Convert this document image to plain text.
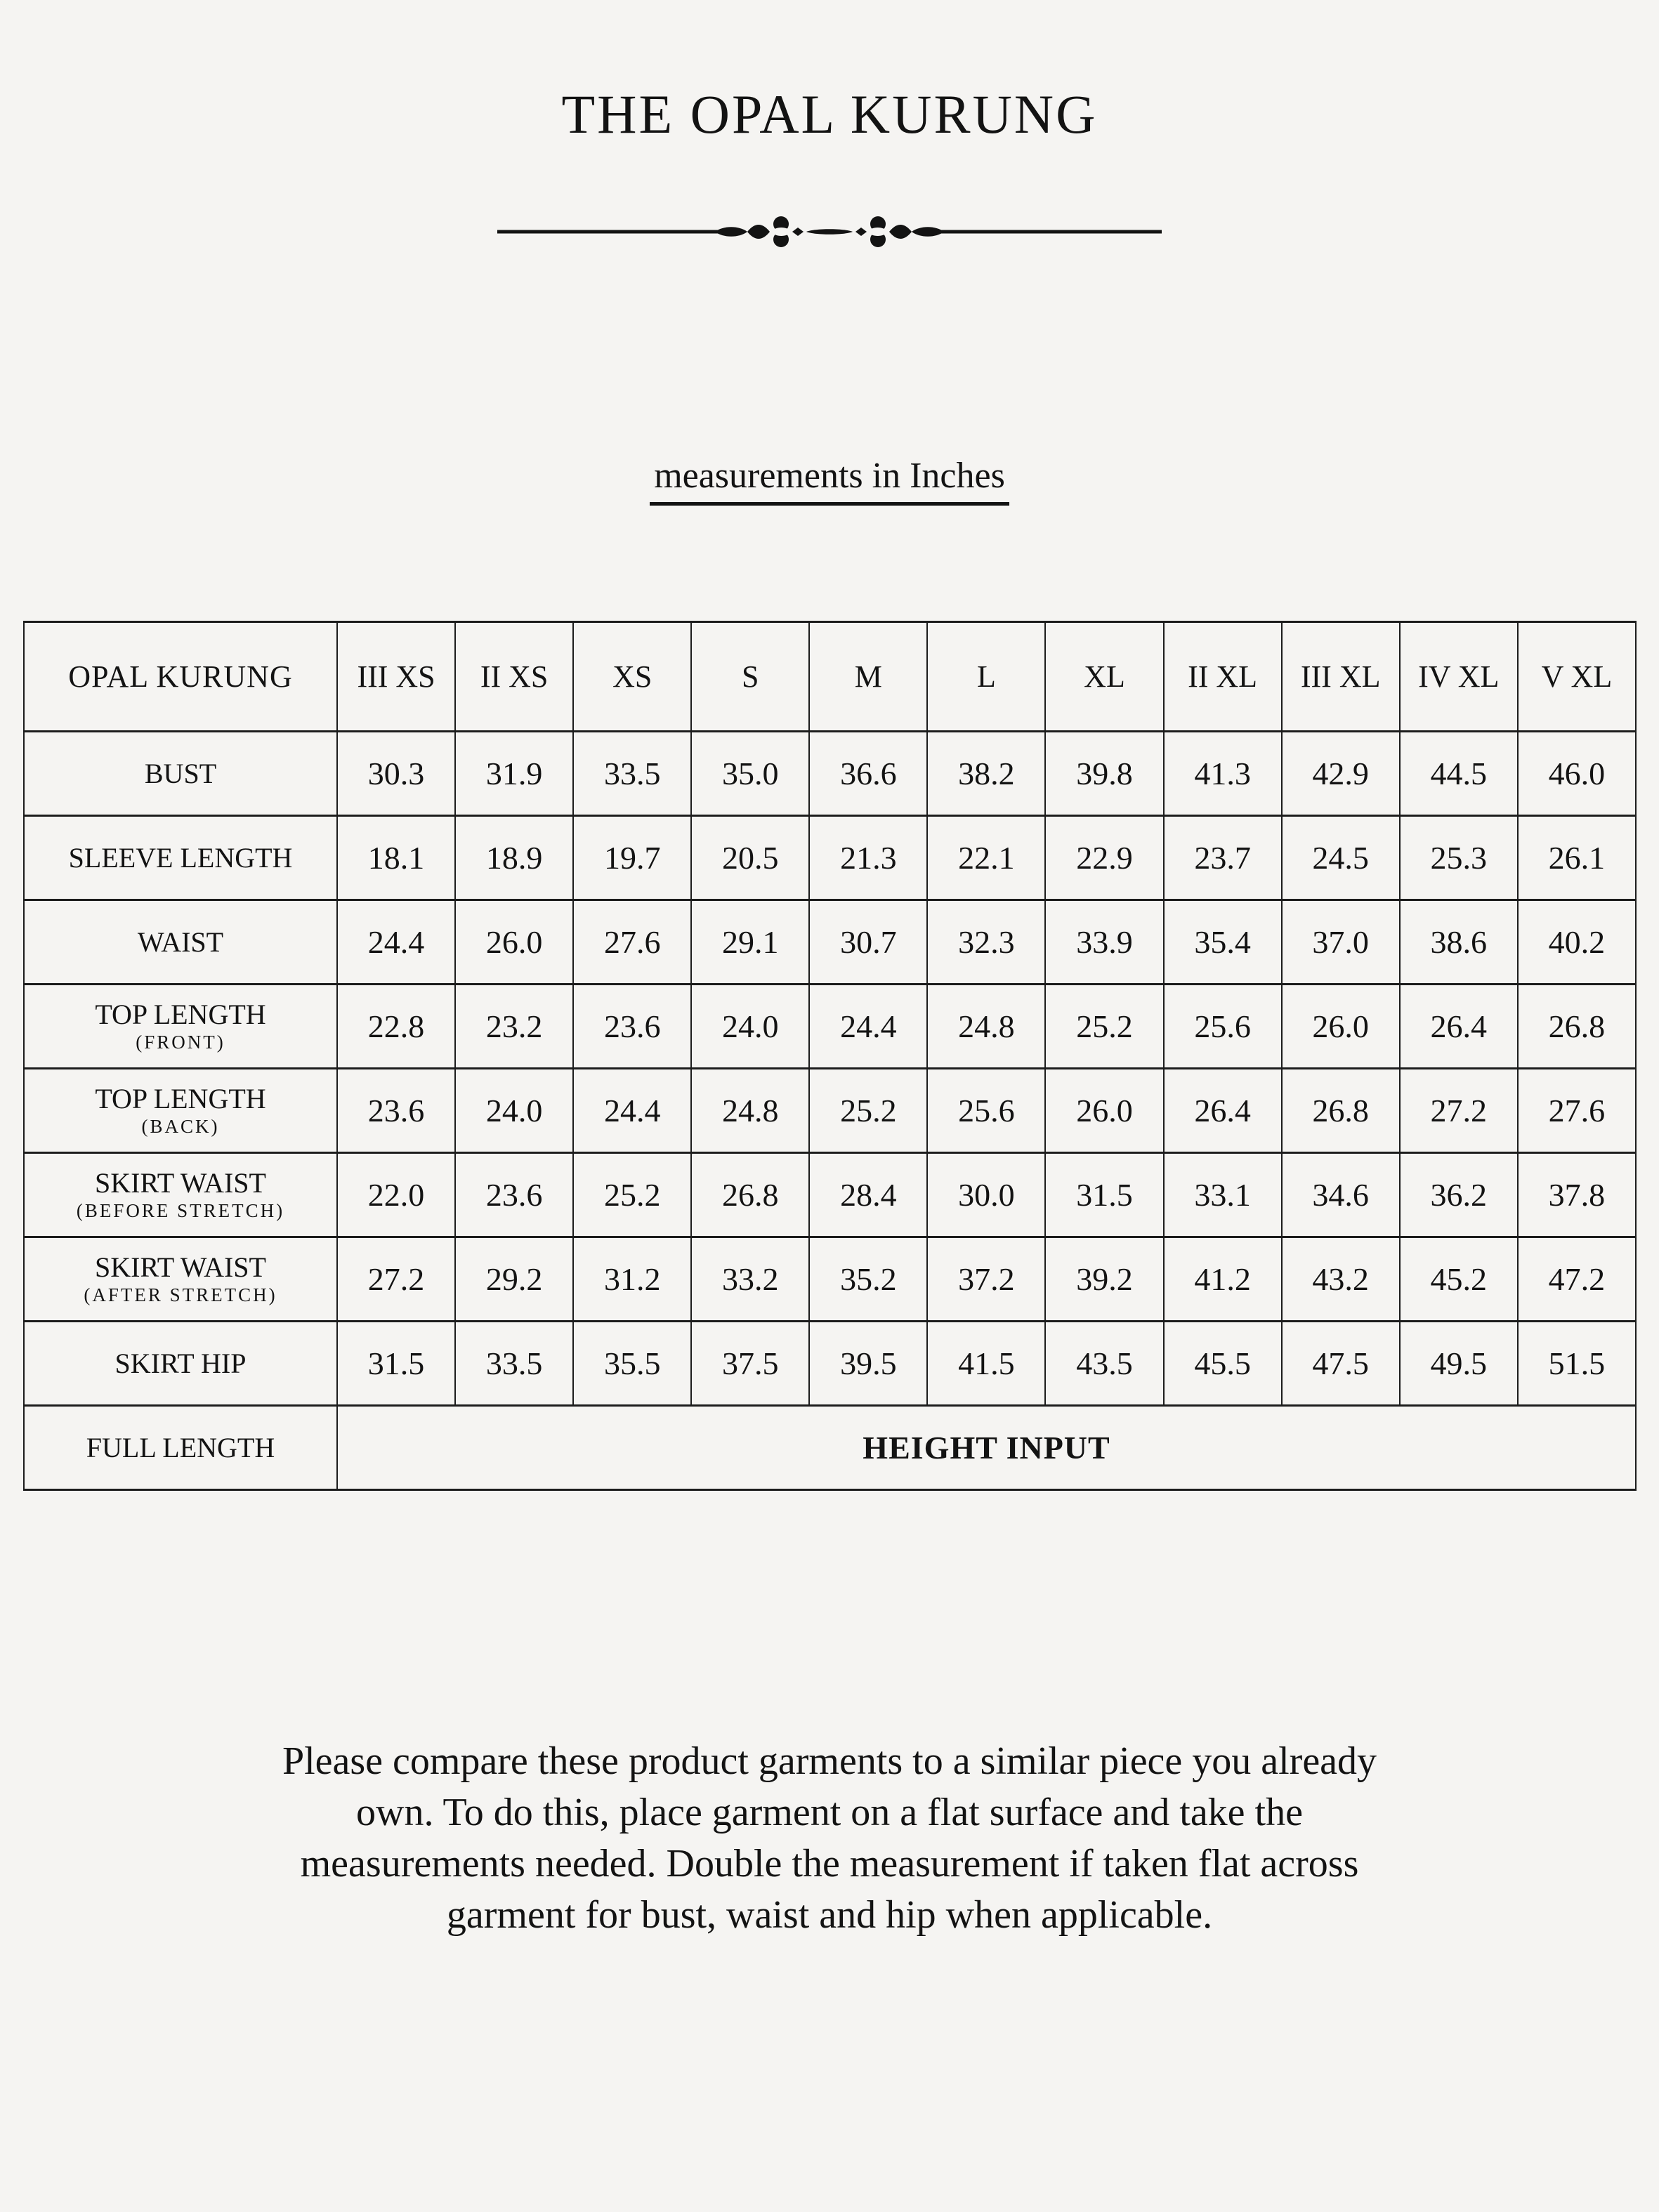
THE OPAL KURUNG
measurements in Inches
OPAL KURUNG	III XS	II XS	XS	S	M	L	XL	II XL	III XL	IV XL	V XL

BUST	30.3	31.9	33.5	35.0	36.6	38.2	39.8	41.3	42.9	44.5	46.0

SLEEVE LENGTH	18.1	18.9	19.7	20.5	21.3	22.1	22.9	23.7	24.5	25.3	26.1

WAIST	24.4	26.0	27.6	29.1	30.7	32.3	33.9	35.4	37.0	38.6	40.2

TOP LENGTH
(FRONT)	22.8	23.2	23.6	24.0	24.4	24.8	25.2	25.6	26.0	26.4	26.8

TOP LENGTH
(BACK)	23.6	24.0	24.4	24.8	25.2	25.6	26.0	26.4	26.8	27.2	27.6

SKIRT WAIST
(BEFORE STRETCH)	22.0	23.6	25.2	26.8	28.4	30.0	31.5	33.1	34.6	36.2	37.8

SKIRT WAIST
(AFTER STRETCH)	27.2	29.2	31.2	33.2	35.2	37.2	39.2	41.2	43.2	45.2	47.2

SKIRT HIP	31.5	33.5	35.5	37.5	39.5	41.5	43.5	45.5	47.5	49.5	51.5

FULL LENGTH	HEIGHT INPUT										
Please compare these product garments to a similar piece you already
own. To do this, place garment on a flat surface and take the
measurements needed. Double the measurement if taken flat across
garment for bust, waist and hip when applicable.
